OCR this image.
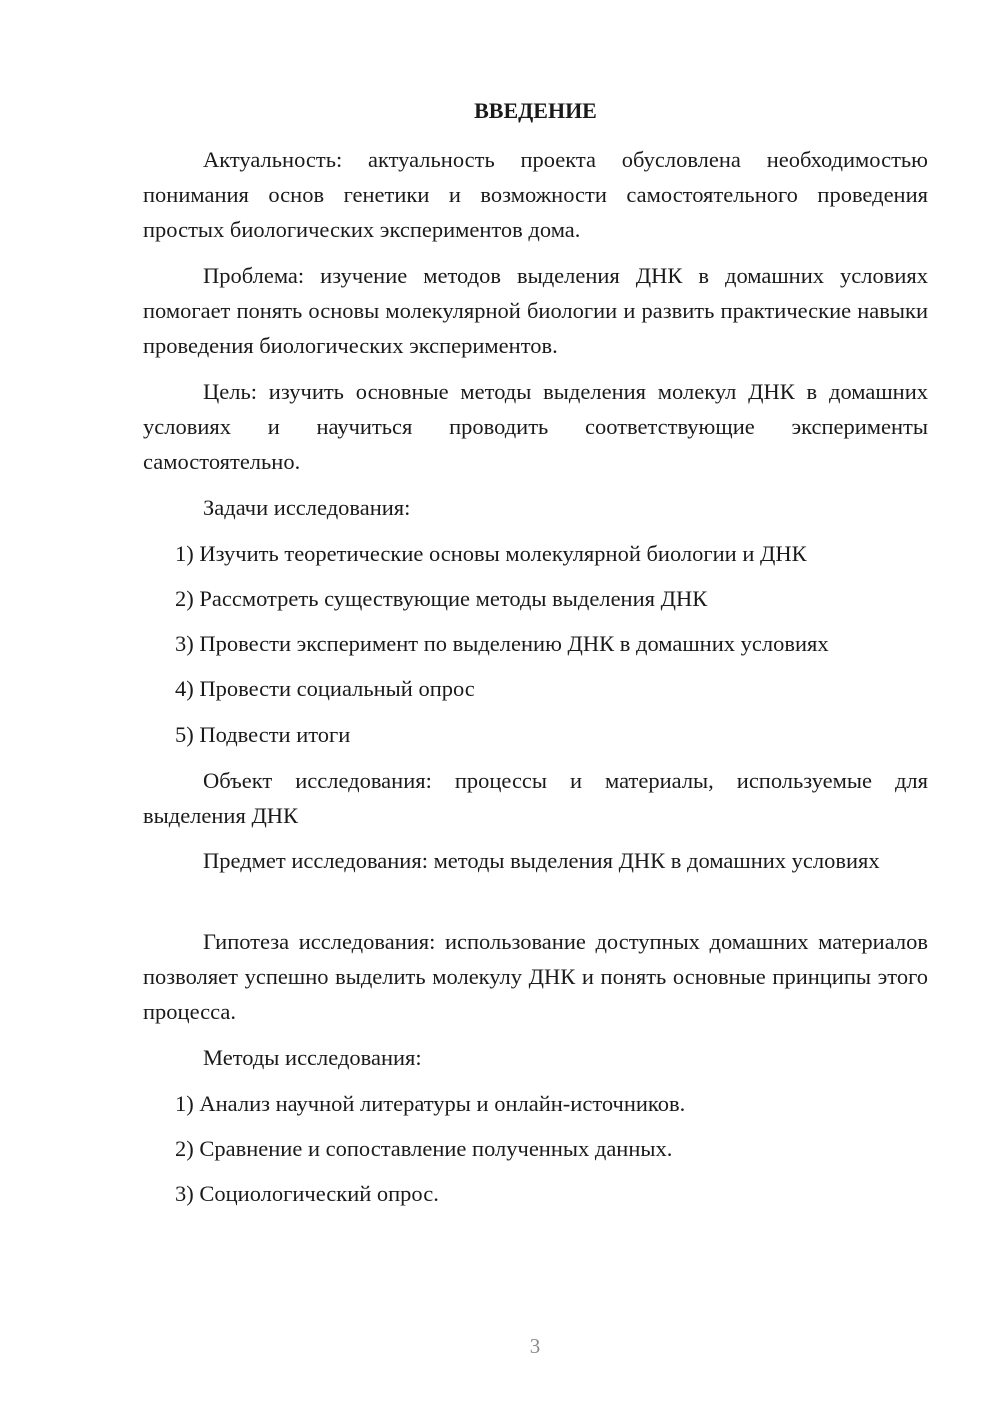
ВВЕДЕНИЕ

Актуальность: актуальность проекта обусловлена необходимостью понимания основ генетики и возможности самостоятельного проведения простых биологических экспериментов дома.

Проблема: изучение методов выделения ДНК в домашних условиях помогает понять основы молекулярной биологии и развить практические навыки проведения биологических экспериментов.

Цель: изучить основные методы выделения молекул ДНК в домашних условиях и научиться проводить соответствующие эксперименты самостоятельно.

Задачи исследования:

1) Изучить теоретические основы молекулярной биологии и ДНК

2) Рассмотреть существующие методы выделения ДНК

3) Провести эксперимент по выделению ДНК в домашних условиях

4) Провести социальный опрос

5) Подвести итоги

Объект исследования: процессы и материалы, используемые для выделения ДНК

Предмет исследования: методы выделения ДНК в домашних условиях

Гипотеза исследования: использование доступных домашних материалов позволяет успешно выделить молекулу ДНК и понять основные принципы этого процесса.

Методы исследования:

1) Анализ научной литературы и онлайн-источников.

2) Сравнение и сопоставление полученных данных.

3) Социологический опрос.

3
